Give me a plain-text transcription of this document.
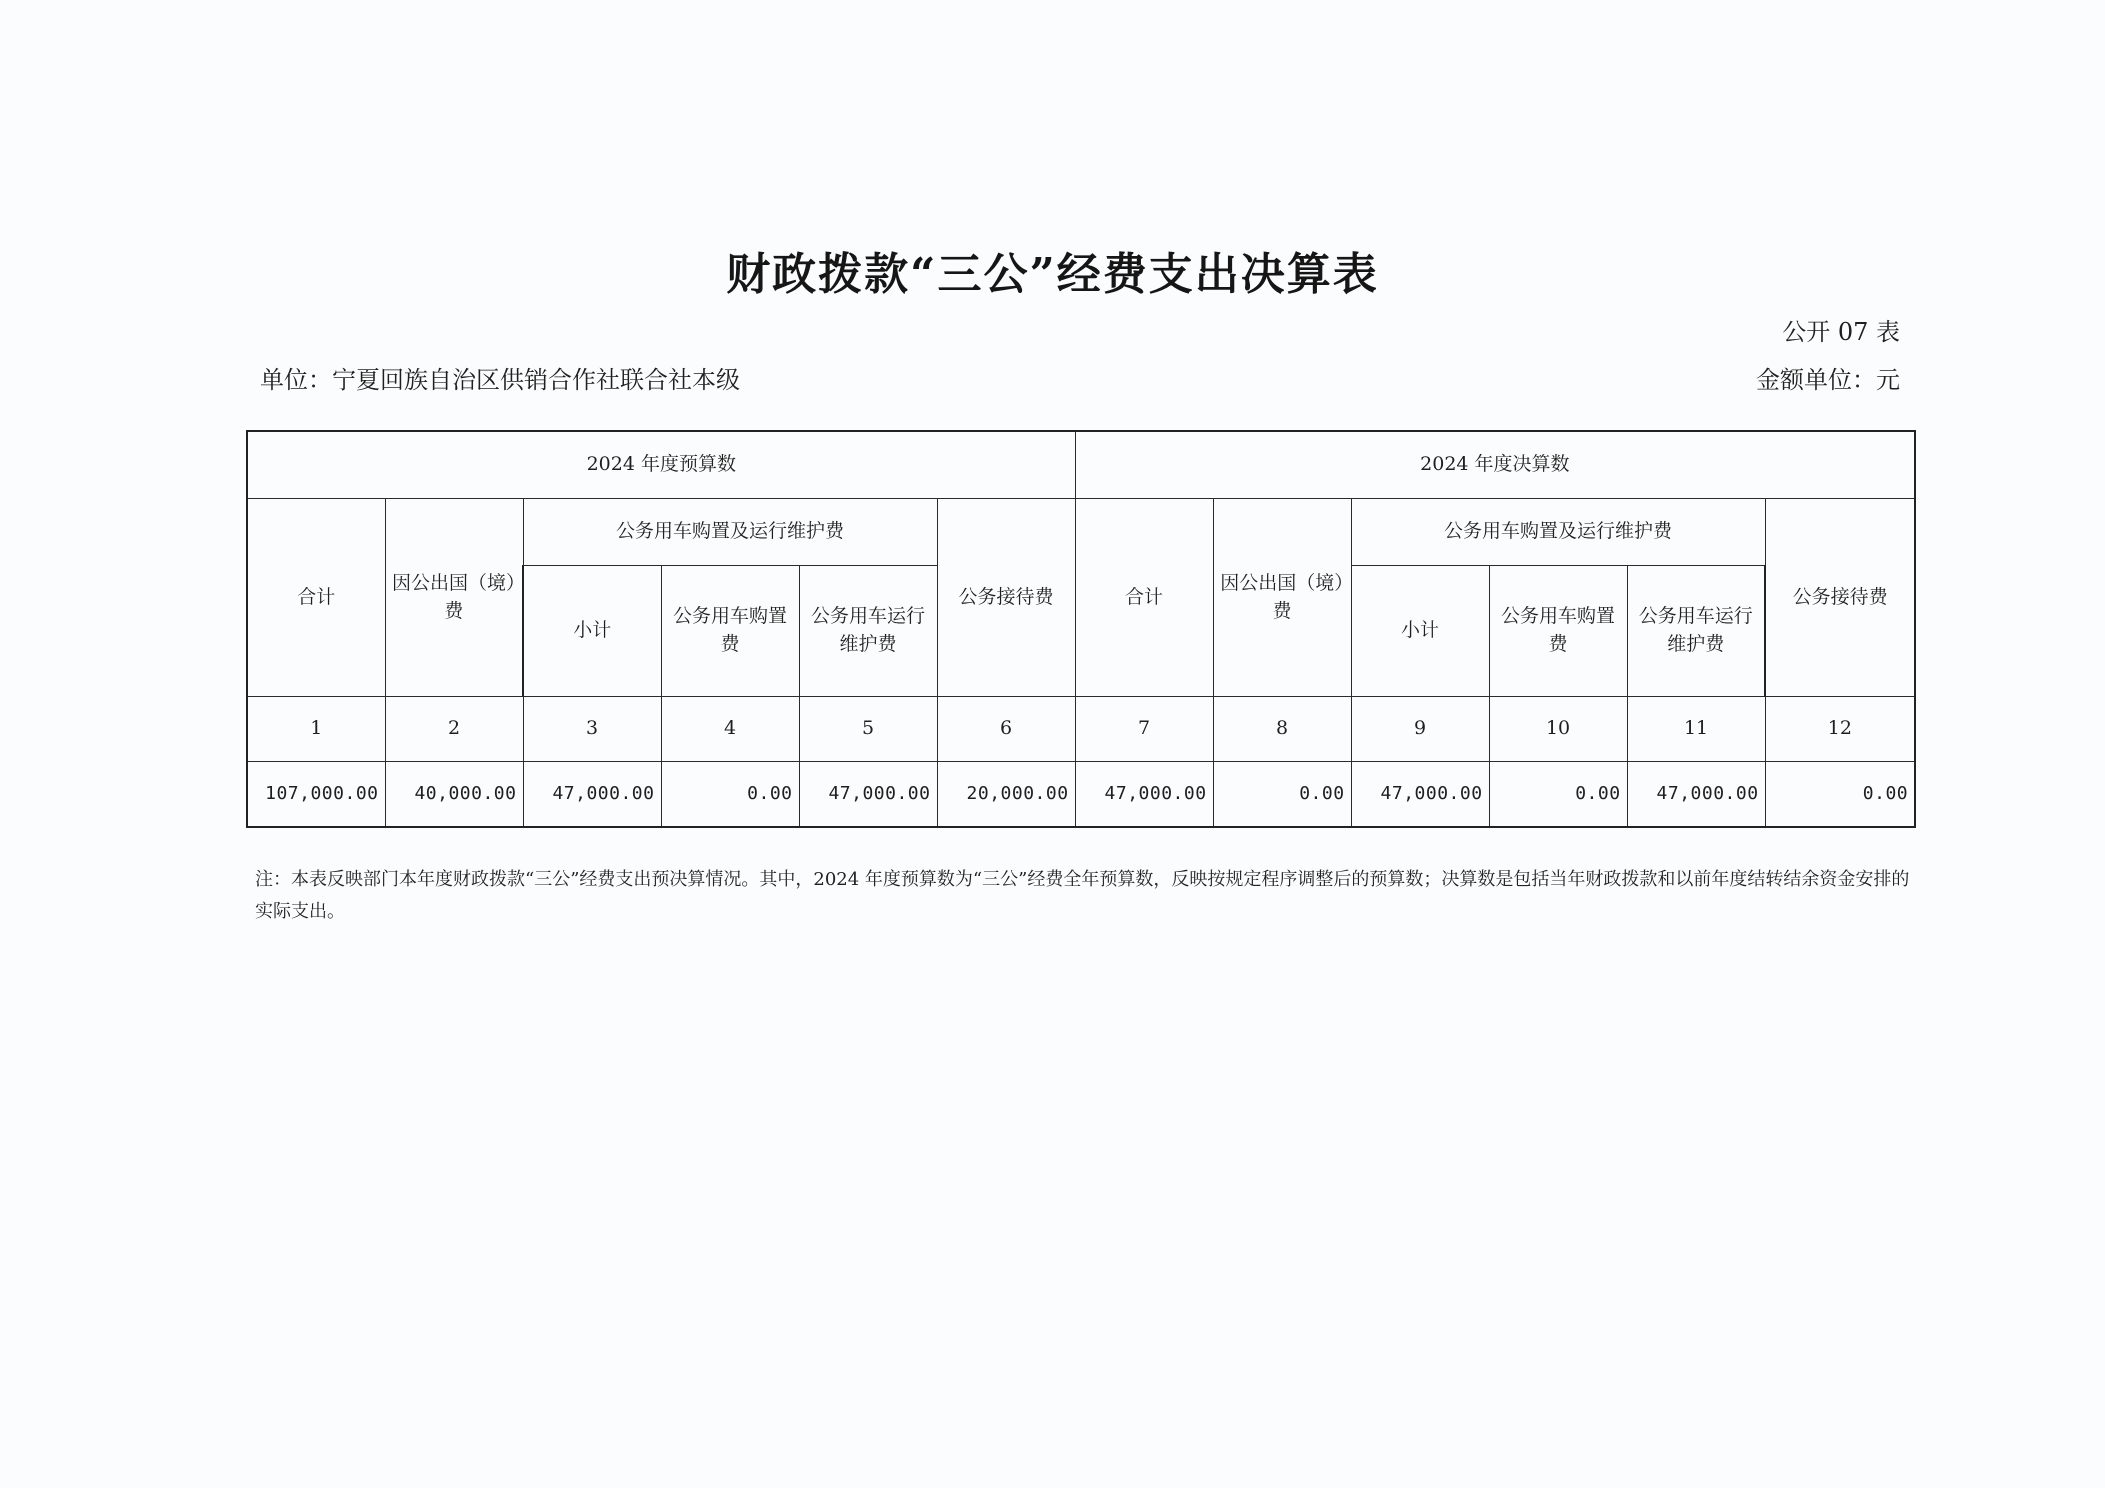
财政拨款“三公”经费支出决算表
公开 07 表
单位：宁夏回族自治区供销合作社联合社本级	金额单位：元
2024 年度预算数						2024 年度决算数					
合计	因公出国（境）费	公务用车购置及运行维护费			公务接待费	合计	因公出国（境）费	公务用车购置及运行维护费			公务接待费
		小计	公务用车购置费	公务用车运行维护费				小计	公务用车购置费	公务用车运行维护费	
1	2	3	4	5	6	7	8	9	10	11	12
107,000.00	40,000.00	47,000.00	0.00	47,000.00	20,000.00	47,000.00	0.00	47,000.00	0.00	47,000.00	0.00
注：本表反映部门本年度财政拨款“三公”经费支出预决算情况。其中，2024 年度预算数为“三公”经费全年预算数，反映按规定程序调整后的预算数；决算数是包括当年财政拨款和以前年度结转结余资金安排的实际支出。
